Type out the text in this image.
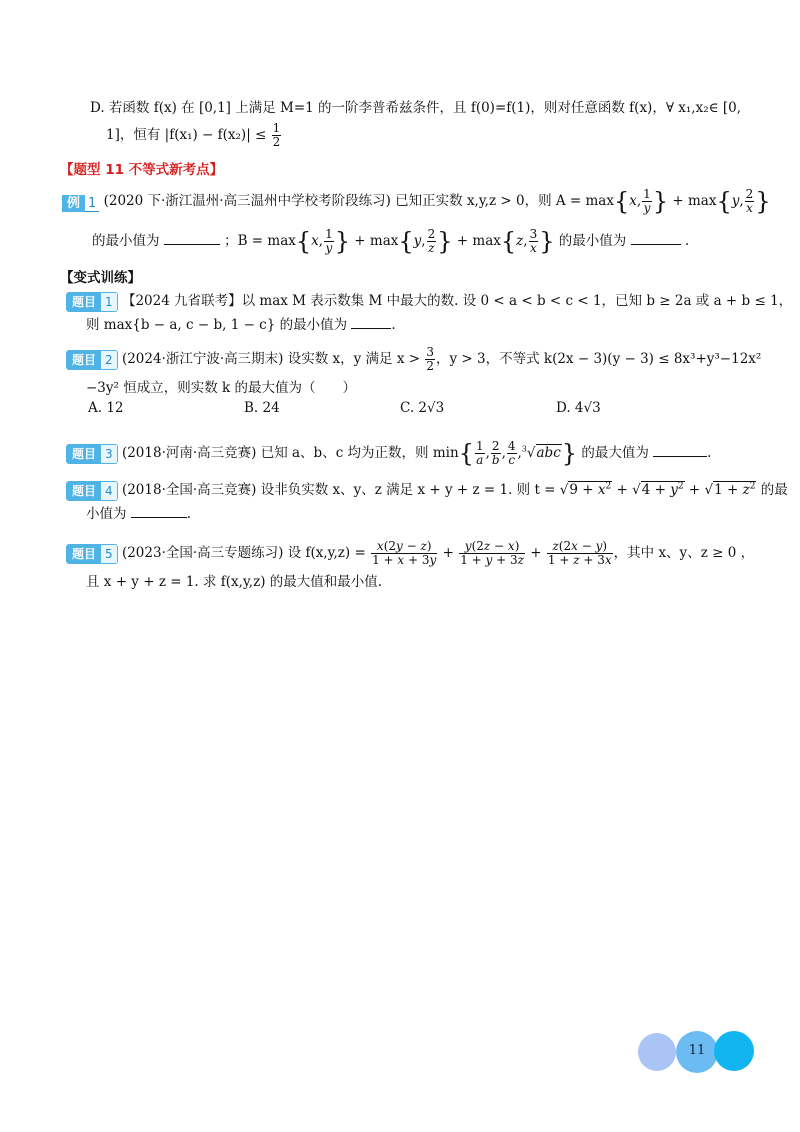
D. 若函数 f(x) 在 [0,1] 上满足 M=1 的一阶李普希兹条件，且 f(0)=f(1)，则对任意函数 f(x)，∀ x₁,x₂∈ [0,
1]，恒有 $|f(x_1) - f(x_2)| \le \frac{1}{2}$
【题型 11 不等式新考点】
例 1 (2020 下·浙江温州·高三温州中学校考阶段练习) 已知正实数 x,y,z > 0，则 A = max{x, $\frac{1}{y}$ } + max{y, $\frac{2}{x}$ }
的最小值为	；B = max{x, $\frac{1}{y}$ } + max{y, $\frac{2}{z}$ } + max{z, $\frac{3}{x}$ } 的最小值为	.
【变式训练】
题目 1 【2024 九省联考】以 max M 表示数集 M 中最大的数. 设 0 < a < b < c < 1，已知 b ≥ 2a 或 a + b ≤ 1，
则 max{b − a, c − b, 1 − c} 的最小值为	.
题目 2 (2024·浙江宁波·高三期末) 设实数 x，y 满足 $x > \frac{3}{2}$ ，y > 3，不等式 k(2x − 3)(y − 3) ≤ 8x³+y³−12x²
−3y² 恒成立，则实数 k 的最大值为（　　）
A. 12	B. 24	C. 2√3	D. 4√3
题目 3 (2018·河南·高三竞赛) 已知 a、b、c 均为正数，则 $\min\{ \frac{1}{a}$ , $\frac{2}{b}$ , $\frac{4}{c} ,^3√abc$} 的最大值为	.
题目 4 (2018·全国·高三竞赛) 设非负实数 x、y、z 满足 x + y + z = 1. 则 $t = √9 + x^2 + √4 + y^2 + √1 + z^2$ 的最
小值为	.
题目 5 (2023·全国·高三专题练习) 设 $f(x,y,z) = \frac{x(2y - z)}{1 + x + 3y} + \frac{y(2z - x)}{1 + y + 3z} + \frac{z(2x - y)}{1 + z + 3x}$ ，其中 x、y、z ≥ 0 ，
且 x + y + z = 1. 求 f(x,y,z) 的最大值和最小值.
11
